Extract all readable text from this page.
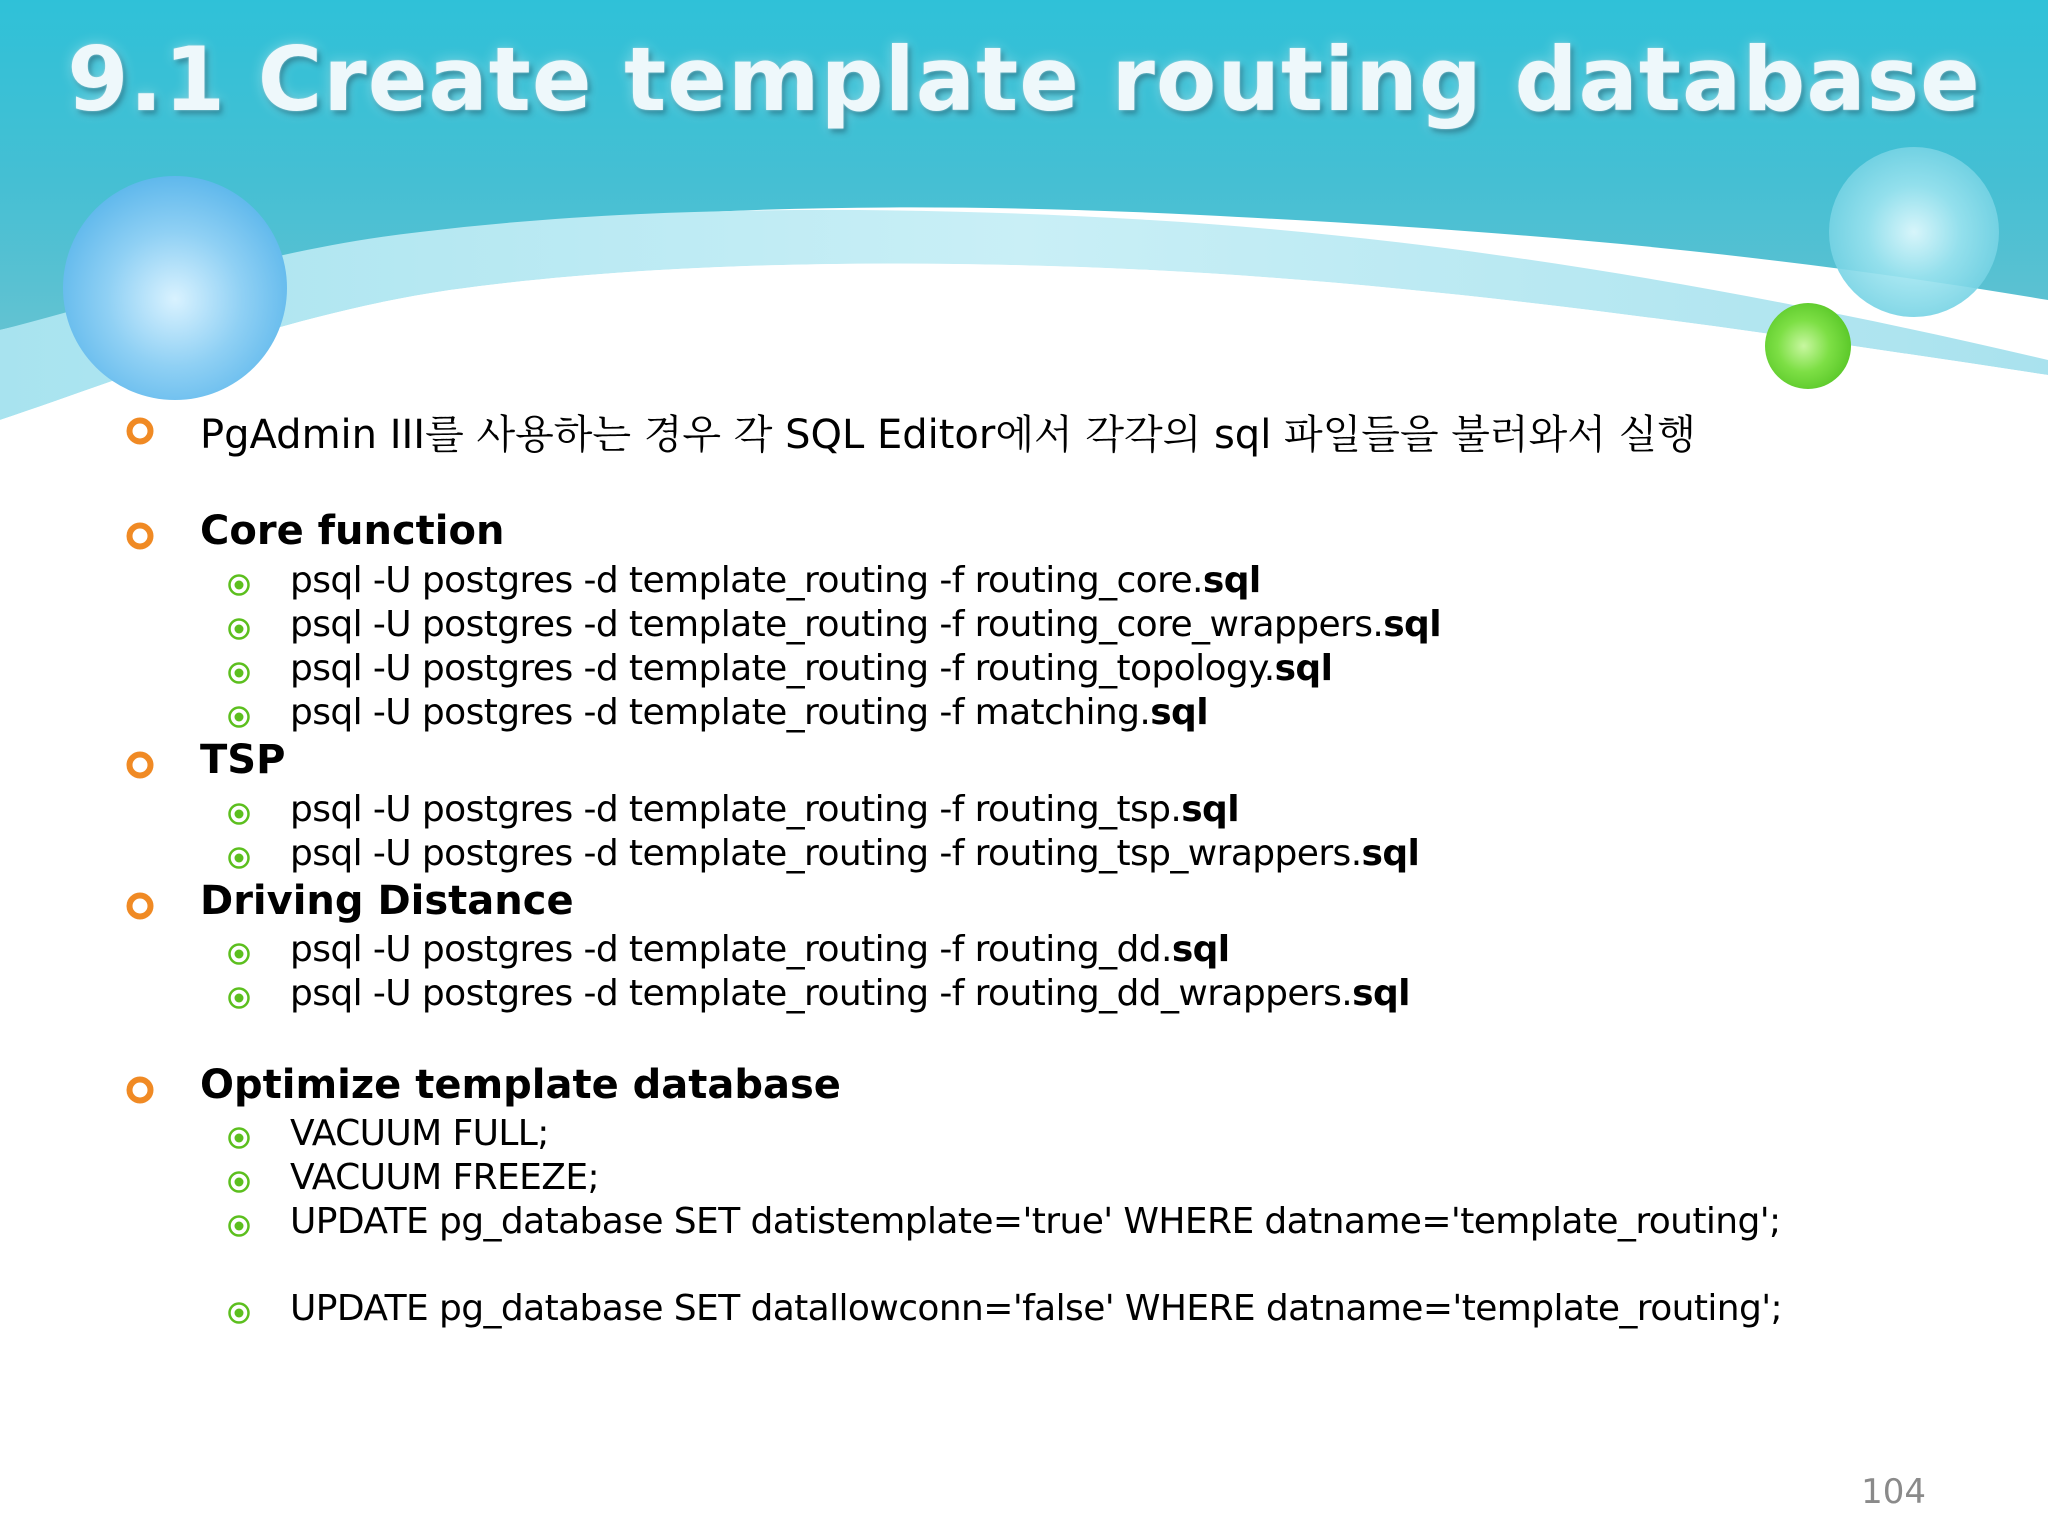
9.1 Create template routing database
PgAdmin III를 사용하는 경우 각 SQL Editor에서 각각의 sql 파일들을 불러와서 실행
Core function
psql -U postgres -d template_routing -f routing_core.sql
psql -U postgres -d template_routing -f routing_core_wrappers.sql
psql -U postgres -d template_routing -f routing_topology.sql
psql -U postgres -d template_routing -f matching.sql
TSP
psql -U postgres -d template_routing -f routing_tsp.sql
psql -U postgres -d template_routing -f routing_tsp_wrappers.sql
Driving Distance
psql -U postgres -d template_routing -f routing_dd.sql
psql -U postgres -d template_routing -f routing_dd_wrappers.sql
Optimize template database
VACUUM FULL;
VACUUM FREEZE;
UPDATE pg_database SET datistemplate='true' WHERE datname='template_routing';
UPDATE pg_database SET datallowconn='false' WHERE datname='template_routing';
104
